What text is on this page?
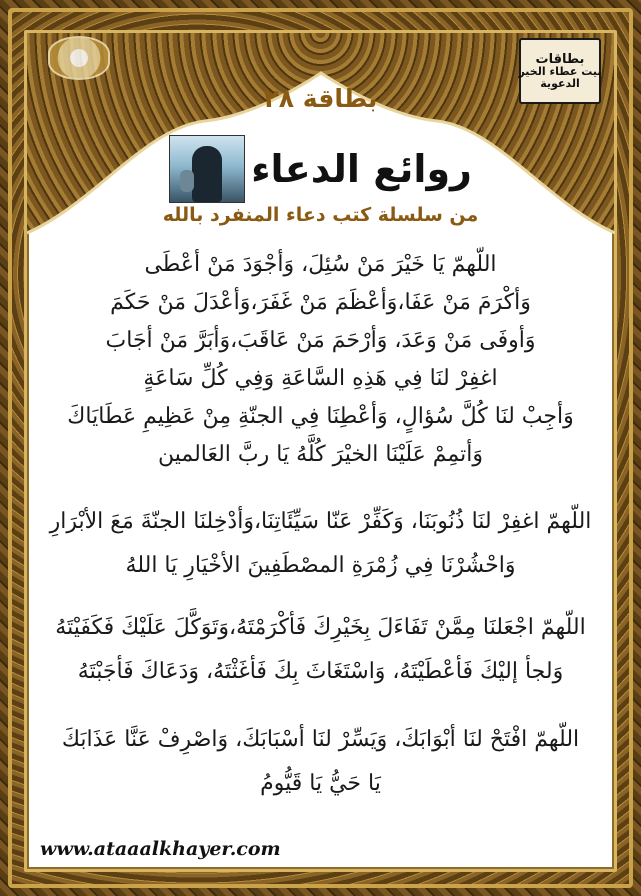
بطاقات
بيت عطاء الخير
الدعوية
بطاقة ٢٨
روائع الدعاء
من سلسلة كتب دعاء المنفرد بالله

اللّهمّ يَا خَيْرَ مَنْ سُئِلَ، وَأجْوَدَ مَنْ أعْطَى

وَأكْرَمَ مَنْ عَفَا،وَأعْظَمَ مَنْ غَفَرَ،وَأعْدَلَ مَنْ حَكَمَ

وَأوفَى مَنْ وَعَدَ، وَأرْحَمَ مَنْ عَاقَبَ،وَأبَرَّ مَنْ أجَابَ

اغفِرْ لنَا فِي هَذِهِ السَّاعَةِ وَفِي كُلِّ سَاعَةٍ

وَأجِبْ لنَا كُلَّ سُؤالٍ، وَأعْطِنَا فِي الجنّةِ مِنْ عَظِيمِ عَطَايَاكَ

وَأتمِمْ عَلَيْنَا الخيْرَ كُلَّهُ يَا ربَّ العَالمين

اللّهمّ اغفِرْ لنَا ذُنُوبَنَا، وَكَفِّرْ عَنّا سَيِّئَاتِنَا،وَأدْخِلنَا الجنّةَ مَعَ الأبْرَارِ

وَاحْشُرْنَا فِي زُمْرَةِ المصْطَفِينَ الأخْيَارِ يَا اللهُ

اللّهمّ اجْعَلنَا مِمَّنْ تَفَاءَلَ بِخَيْرِكَ فَأكْرَمْتَهُ،وَتَوَكَّلَ عَلَيْكَ فَكَفَيْتَهُ

وَلجأ إليْكَ فَأعْطَيْتَهُ، وَاسْتَغَاثَ بِكَ فَأغَثْتَهُ، وَدَعَاكَ فَأجَبْتَهُ

اللّهمّ افْتَحْ لنَا أبْوَابَكَ، وَيَسِّرْ لنَا أسْبَابَكَ، وَاصْرِفْ عَنَّا عَذَابَكَ

يَا حَيُّ يَا قَيُّومُ

www.ataaalkhayer.com
